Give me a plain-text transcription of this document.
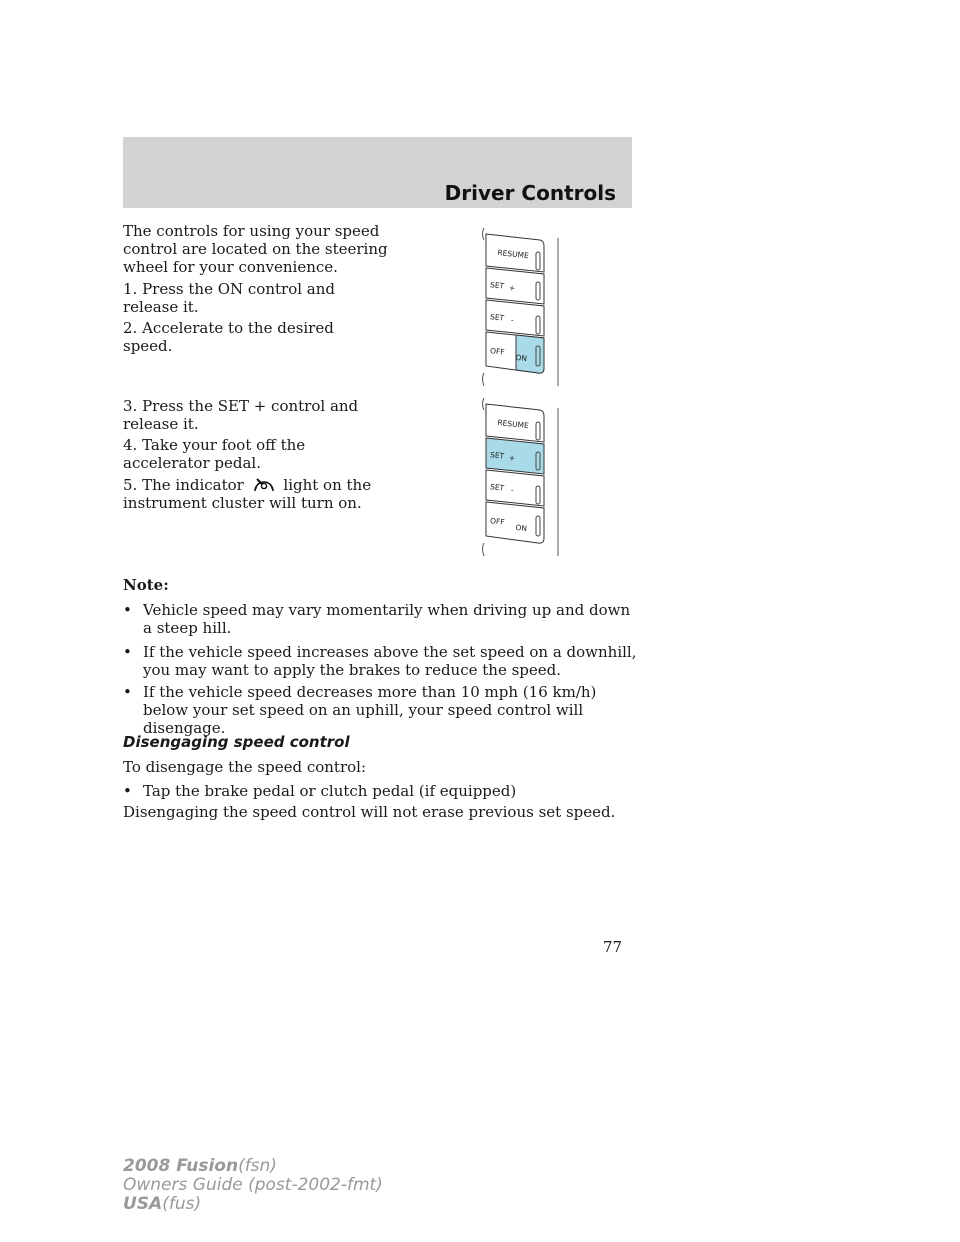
Driver Controls
The controls for using your speed control are located on the steering wheel for your convenience.
1. Press the ON control and release it.
2. Accelerate to the desired speed.
3. Press the SET + control and release it.
4. Take your foot off the accelerator pedal.
5. The indicator	light on the instrument cluster will turn on.
RESUME
SET +
SET -
OFF
ON
RESUME
SET +
SET -
OFF
ON
Note:
• Vehicle speed may vary momentarily when driving up and down a steep hill.
• If the vehicle speed increases above the set speed on a downhill, you may want to apply the brakes to reduce the speed.
• If the vehicle speed decreases more than 10 mph (16 km/h) below your set speed on an uphill, your speed control will disengage.
Disengaging speed control
To disengage the speed control:
• Tap the brake pedal or clutch pedal (if equipped)
Disengaging the speed control will not erase previous set speed.
77
2008 Fusion(fsn)
Owners Guide (post-2002-fmt)
USA(fus)
